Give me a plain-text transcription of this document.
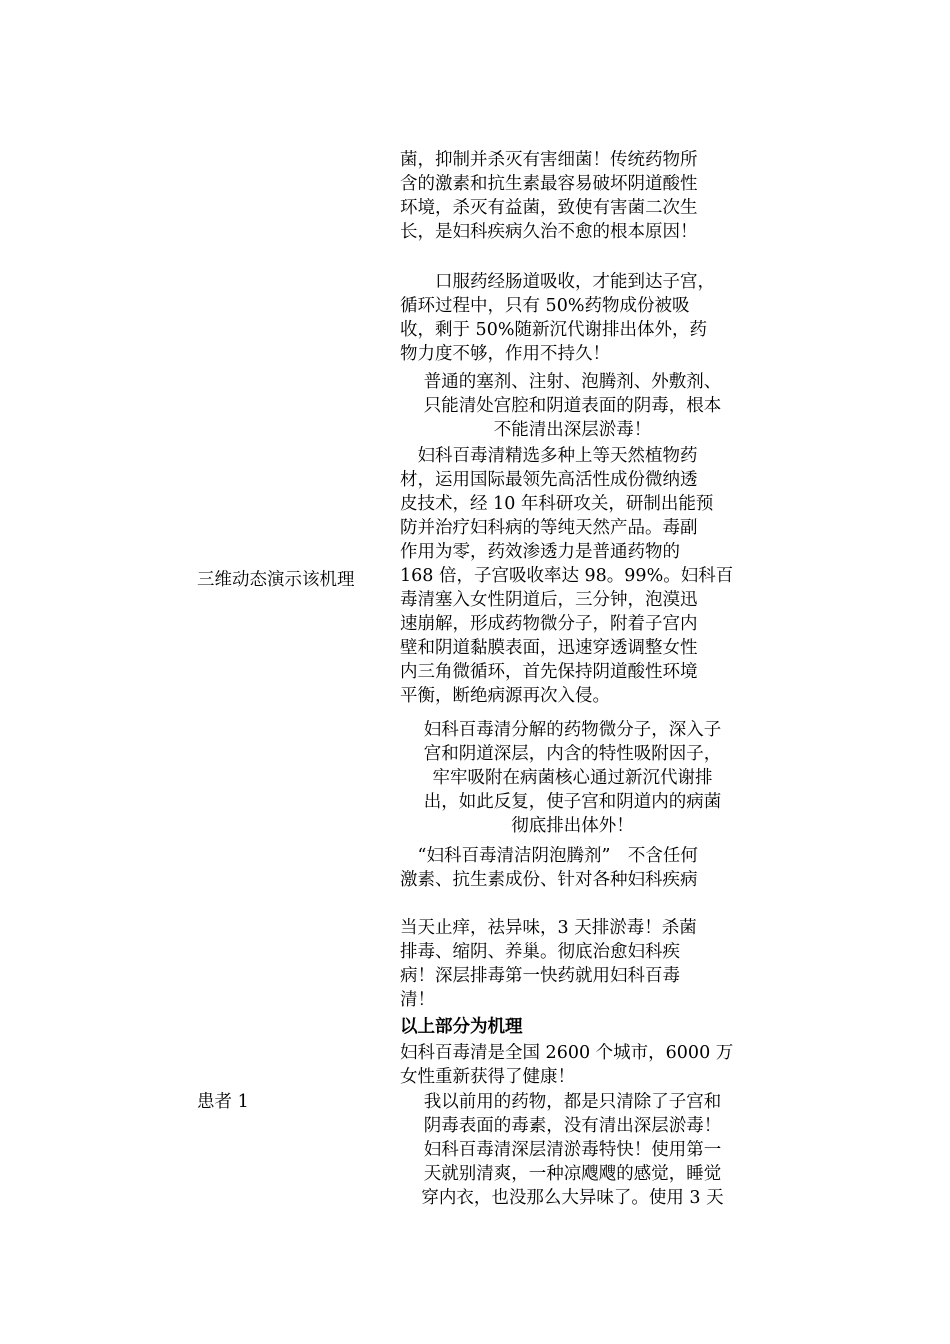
三维动态演示该机理
患者 1
菌，抑制并杀灭有害细菌！传统药物所
含的激素和抗生素最容易破坏阴道酸性
环境，杀灭有益菌，致使有害菌二次生
长，是妇科疾病久治不愈的根本原因！
　　口服药经肠道吸收，才能到达子宫，
循环过程中，只有 50%药物成份被吸
收，剩于 50%随新沉代谢排出体外，药
物力度不够，作用不持久！
普通的塞剂、注射、泡腾剂、外敷剂、
只能清处宫腔和阴道表面的阴毒，根本
不能清出深层淤毒！
　妇科百毒清精选多种上等天然植物药
材，运用国际最领先高活性成份微纳透
皮技术，经 10 年科研攻关，研制出能预
防并治疗妇科病的等纯天然产品。毒副
作用为零，药效渗透力是普通药物的
168 倍，子宫吸收率达 98。99%。妇科百
毒清塞入女性阴道后，三分钟，泡漠迅
速崩解，形成药物微分子，附着子宫内
壁和阴道黏膜表面，迅速穿透调整女性
内三角微循环，首先保持阴道酸性环境
平衡，断绝病源再次入侵。
妇科百毒清分解的药物微分子，深入子
宫和阴道深层，内含的特性吸附因子，
牢牢吸附在病菌核心通过新沉代谢排
出，如此反复，使子宫和阴道内的病菌
彻底排出体外！
　“妇科百毒清洁阴泡腾剂”　不含任何
激素、抗生素成份、针对各种妇科疾病
当天止痒，祛异味，3 天排淤毒！杀菌
排毒、缩阴、养巢。彻底治愈妇科疾
病！深层排毒第一快药就用妇科百毒
清！
以上部分为机理
妇科百毒清是全国 2600 个城市，6000 万
女性重新获得了健康！
我以前用的药物，都是只清除了子宫和
阴毒表面的毒素，没有清出深层淤毒！
妇科百毒清深层清淤毒特快！使用第一
天就别清爽，一种凉飕飕的感觉，睡觉
穿内衣，也没那么大异味了。使用 3 天
